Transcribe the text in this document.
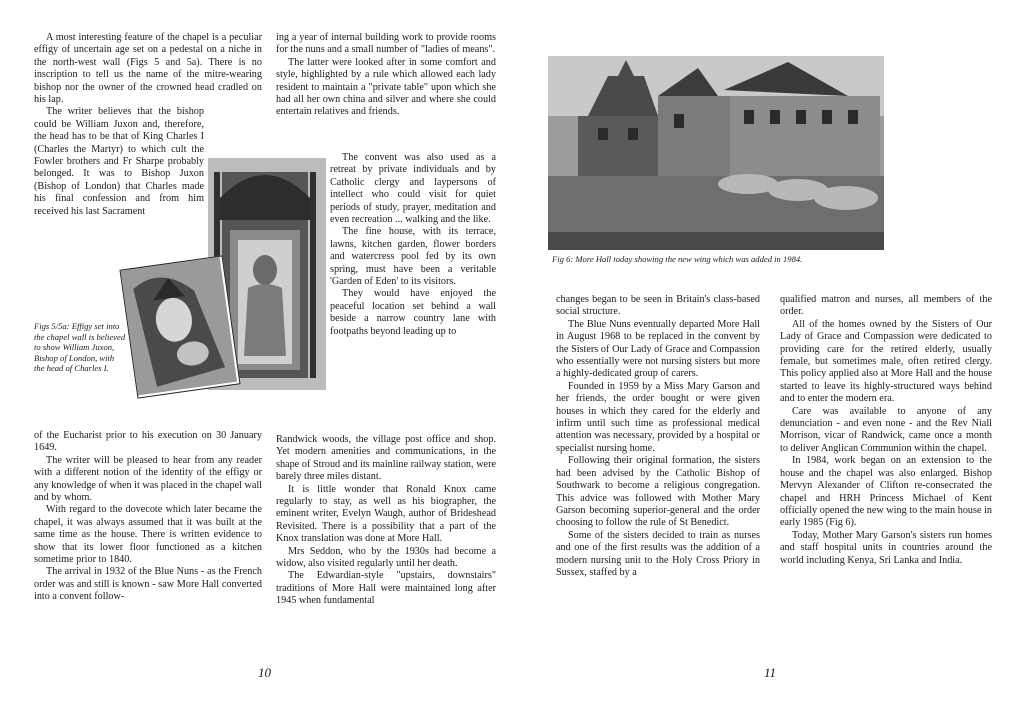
A most interesting feature of the chapel is a peculiar effigy of uncertain age set on a pedestal on a niche in the north-west wall (Figs 5 and 5a). There is no inscription to tell us the name of the mitre-wearing bishop nor the owner of the crowned head cradled on his lap.

The writer believes that the bishop could be William Juxon and, therefore, the head has to be that of King Charles I (Charles the Martyr) to which cult the Fowler brothers and Fr Sharpe probably belonged. It was to Bishop Juxon (Bishop of London) that Charles made his final confession and from him received his last Sacrament

Figs 5/5a: Effigy set into the chapel wall is believed to show William Juxon, Bishop of London, with the head of Charles I.

of the Eucharist prior to his execution on 30 January 1649.

The writer will be pleased to hear from any reader with a different notion of the identity of the effigy or any knowledge of when it was placed in the chapel wall and by whom.

With regard to the dovecote which later became the chapel, it was always assumed that it was built at the same time as the house. There is written evidence to show that its lower floor functioned as a kitchen sometime prior to 1840.

The arrival in 1932 of the Blue Nuns - as the French order was and still is known - saw More Hall converted into a convent follow-

ing a year of internal building work to provide rooms for the nuns and a small number of "ladies of means".

The latter were looked after in some comfort and style, highlighted by a rule which allowed each lady resident to maintain a "private table" upon which she had all her own china and silver and where she could entertain relatives and friends.

The convent was also used as a retreat by private individuals and by Catholic clergy and laypersons of intellect who could visit for quiet periods of study, prayer, meditation and even recreation ... walking and the like.

The fine house, with its terrace, lawns, kitchen garden, flower borders and watercress pool fed by its own spring, must have been a veritable 'Garden of Eden' to its visitors.

They would have enjoyed the peaceful location set behind a wall beside a narrow country lane with footpaths beyond leading up to

Randwick woods, the village post office and shop. Yet modern amenities and communications, in the shape of Stroud and its mainline railway station, were barely three miles distant.

It is little wonder that Ronald Knox came regularly to stay, as well as his biographer, the eminent writer, Evelyn Waugh, author of Brideshead Revisited. There is a possibility that a part of the Knox translation was done at More Hall.

Mrs Seddon, who by the 1930s had become a widow, also visited regularly until her death.

The Edwardian-style "upstairs, downstairs" traditions of More Hall were maintained long after 1945 when fundamental

10
Fig 6: More Hall today showing the new wing which was added in 1984.

changes began to be seen in Britain's class-based social structure.

The Blue Nuns eventually departed More Hall in August 1968 to be replaced in the convent by the Sisters of Our Lady of Grace and Compassion who essentially were not nursing sisters but more a highly-dedicated group of carers.

Founded in 1959 by a Miss Mary Garson and her friends, the order bought or were given houses in which they cared for the elderly and infirm until such time as professional medical attention was necessary, provided by a hospital or specialist nursing home.

Following their original formation, the sisters had been advised by the Catholic Bishop of Southwark to become a religious congregation. This advice was followed with Mother Mary Garson becoming superior-general and the order choosing to follow the rule of St Benedict.

Some of the sisters decided to train as nurses and one of the first results was the addition of a modern nursing unit to the Holy Cross Priory in Sussex, staffed by a

qualified matron and nurses, all members of the order.

All of the homes owned by the Sisters of Our Lady of Grace and Compassion were dedicated to providing care for the retired elderly, usually female, but sometimes male, often retired clergy. This policy applied also at More Hall and the house started to leave its highly-structured ways behind and to enter the modern era.

Care was available to anyone of any denunciation - and even none - and the Rev Niall Morrison, vicar of Randwick, came once a month to deliver Anglican Communion within the chapel.

In 1984, work began on an extension to the house and the chapel was also enlarged. Bishop Mervyn Alexander of Clifton re-consecrated the chapel and HRH Princess Michael of Kent officially opened the new wing to the main house in early 1985 (Fig 6).

Today, Mother Mary Garson's sisters run homes and staff hospital units in countries around the world including Kenya, Sri Lanka and India.

11
